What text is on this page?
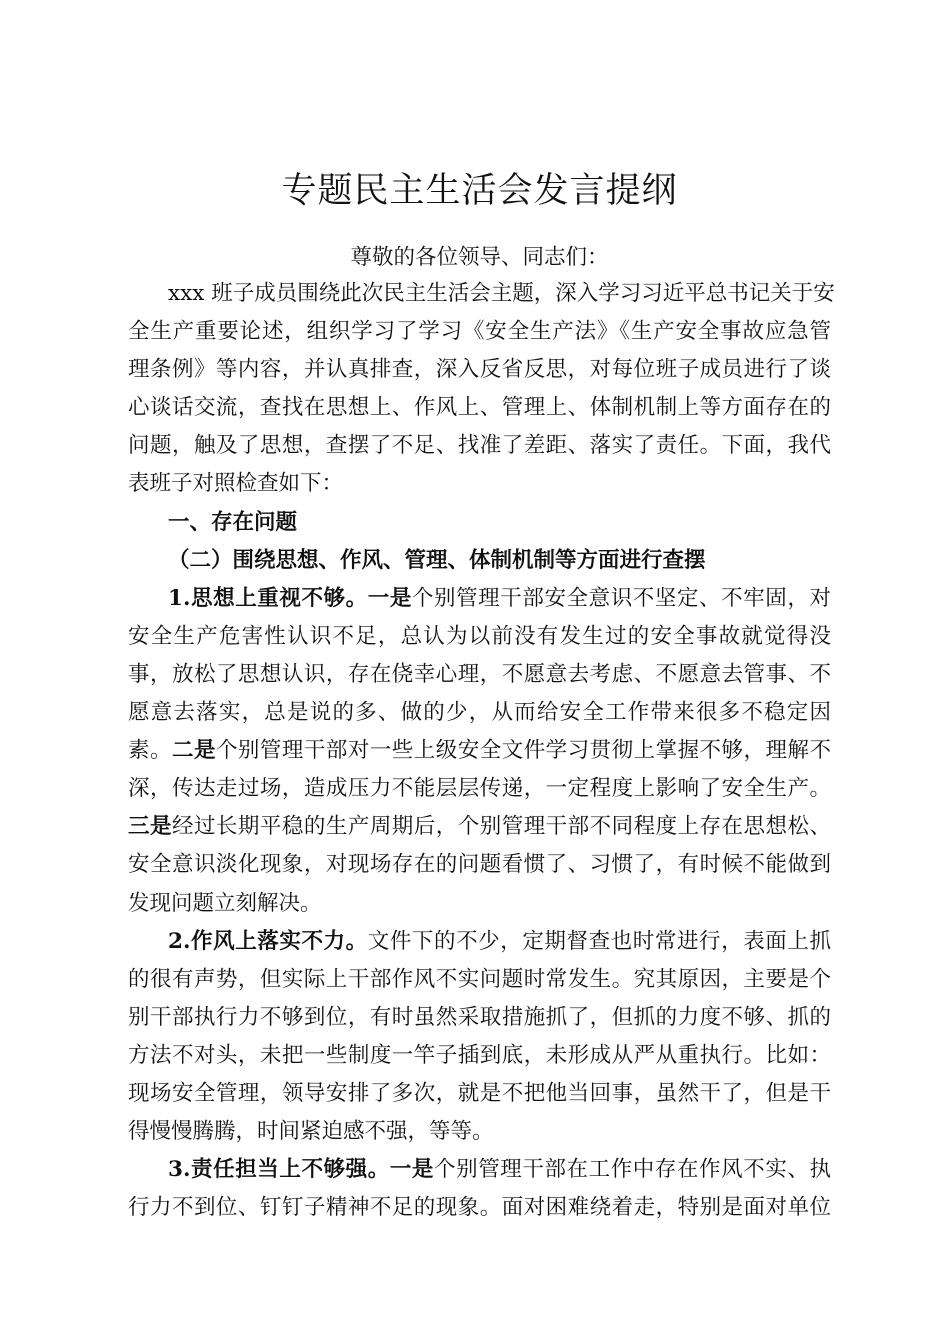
专题民主生活会发言提纲
尊敬的各位领导、同志们：
xxx 班子成员围绕此次民主生活会主题，深入学习习近平总书记关于安
全生产重要论述，组织学习了学习《安全生产法》《生产安全事故应急管
理条例》等内容，并认真排查，深入反省反思，对每位班子成员进行了谈
心谈话交流，查找在思想上、作风上、管理上、体制机制上等方面存在的
问题，触及了思想，查摆了不足、找准了差距、落实了责任。下面，我代
表班子对照检查如下：
一、存在问题
（二）围绕思想、作风、管理、体制机制等方面进行查摆
1.思想上重视不够。一是个别管理干部安全意识不坚定、不牢固，对
安全生产危害性认识不足，总认为以前没有发生过的安全事故就觉得没
事，放松了思想认识，存在侥幸心理，不愿意去考虑、不愿意去管事、不
愿意去落实，总是说的多、做的少，从而给安全工作带来很多不稳定因
素。二是个别管理干部对一些上级安全文件学习贯彻上掌握不够，理解不
深，传达走过场，造成压力不能层层传递，一定程度上影响了安全生产。
三是经过长期平稳的生产周期后，个别管理干部不同程度上存在思想松、
安全意识淡化现象，对现场存在的问题看惯了、习惯了，有时候不能做到
发现问题立刻解决。
2.作风上落实不力。文件下的不少，定期督查也时常进行，表面上抓
的很有声势，但实际上干部作风不实问题时常发生。究其原因，主要是个
别干部执行力不够到位，有时虽然采取措施抓了，但抓的力度不够、抓的
方法不对头，未把一些制度一竿子插到底，未形成从严从重执行。比如：
现场安全管理，领导安排了多次，就是不把他当回事，虽然干了，但是干
得慢慢腾腾，时间紧迫感不强，等等。
3.责任担当上不够强。一是个别管理干部在工作中存在作风不实、执
行力不到位、钉钉子精神不足的现象。面对困难绕着走，特别是面对单位
